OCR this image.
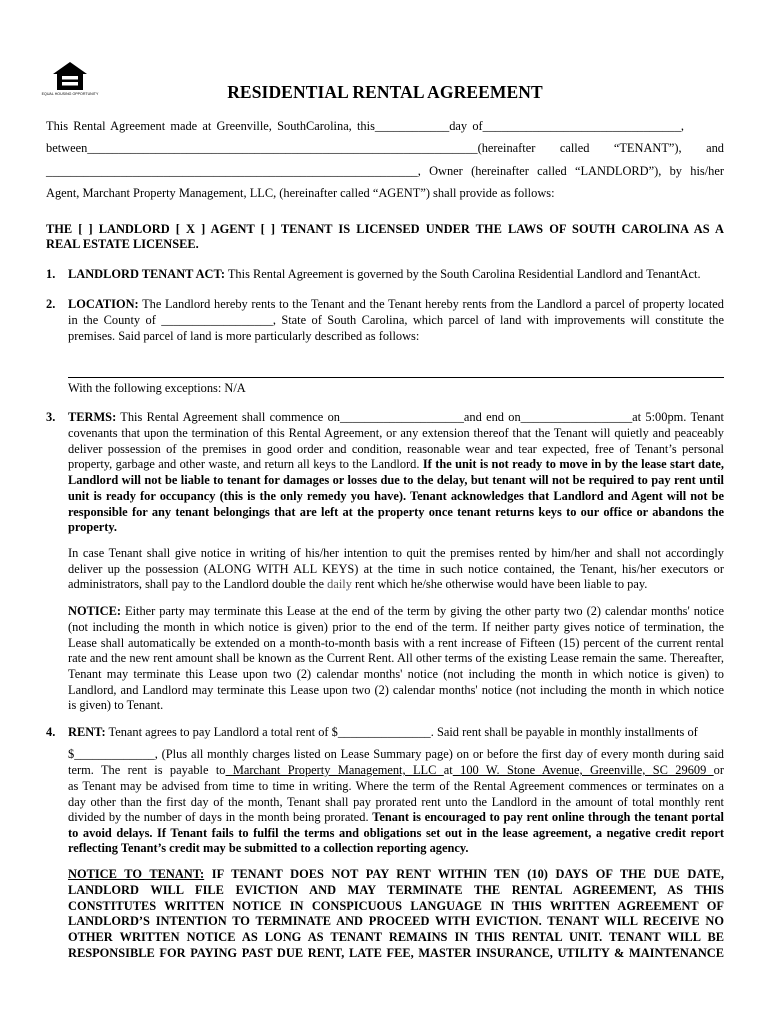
EQUAL HOUSING OPPORTUNITY	RESIDENTIAL RENTAL AGREEMENT
This Rental Agreement made at Greenville, SouthCarolina, this____________day of________________________________,
between_______________________________________________________________(hereinafter called “TENANT”), and
____________________________________________________________, Owner (hereinafter called “LANDLORD”), by his/her
Agent, Marchant Property Management, LLC, (hereinafter called “AGENT”) shall provide as follows:
THE [ ] LANDLORD [ X ] AGENT [ ] TENANT IS LICENSED UNDER THE LAWS OF SOUTH CAROLINA AS A
REAL ESTATE LICENSEE.
1. LANDLORD TENANT ACT: This Rental Agreement is governed by the South Carolina Residential Landlord and TenantAct.
2. LOCATION: The Landlord hereby rents to the Tenant and the Tenant hereby rents from the Landlord a parcel of property located
in the County of __________________, State of South Carolina, which parcel of land with improvements will constitute the
premises. Said parcel of land is more particularly described as follows:
With the following exceptions: N/A
3. TERMS: This Rental Agreement shall commence on____________________and end on__________________at 5:00pm. Tenant
covenants that upon the termination of this Rental Agreement, or any extension thereof that the Tenant will quietly and peaceably
deliver possession of the premises in good order and condition, reasonable wear and tear expected, free of Tenant’s personal
property, garbage and other waste, and return all keys to the Landlord. If the unit is not ready to move in by the lease start date,
Landlord will not be liable to tenant for damages or losses due to the delay, but tenant will not be required to pay rent until
unit is ready for occupancy (this is the only remedy you have). Tenant acknowledges that Landlord and Agent will not be
responsible for any tenant belongings that are left at the property once tenant returns keys to our office or abandons the
property.
In case Tenant shall give notice in writing of his/her intention to quit the premises rented by him/her and shall not accordingly
deliver up the possession (ALONG WITH ALL KEYS) at the time in such notice contained, the Tenant, his/her executors or
administrators, shall pay to the Landlord double the daily rent which he/she otherwise would have been liable to pay.
NOTICE: Either party may terminate this Lease at the end of the term by giving the other party two (2) calendar months' notice
(not including the month in which notice is given) prior to the end of the term. If neither party gives notice of termination, the
Lease shall automatically be extended on a month-to-month basis with a rent increase of Fifteen (15) percent of the current rental
rate and the new rent amount shall be known as the Current Rent. All other terms of the existing Lease remain the same. Thereafter,
Tenant may terminate this Lease upon two (2) calendar months' notice (not including the month in which notice is given) to
Landlord, and Landlord may terminate this Lease upon two (2) calendar months' notice (not including the month in which notice
is given) to Tenant.
4. RENT: Tenant agrees to pay Landlord a total rent of $_______________. Said rent shall be payable in monthly installments of
$_____________, (Plus all monthly charges listed on Lease Summary page) on or before the first day of every month during said
term. The rent is payable to Marchant Property Management, LLC at 100 W. Stone Avenue, Greenville, SC 29609 or
as Tenant may be advised from time to time in writing. Where the term of the Rental Agreement commences or terminates on a
day other than the first day of the month, Tenant shall pay prorated rent unto the Landlord in the amount of total monthly rent
divided by the number of days in the month being prorated. Tenant is encouraged to pay rent online through the tenant portal
to avoid delays. If Tenant fails to fulfil the terms and obligations set out in the lease agreement, a negative credit report
reflecting Tenant’s credit may be submitted to a collection reporting agency.
NOTICE TO TENANT: IF TENANT DOES NOT PAY RENT WITHIN TEN (10) DAYS OF THE DUE DATE,
LANDLORD WILL FILE EVICTION AND MAY TERMINATE THE RENTAL AGREEMENT, AS THIS
CONSTITUTES WRITTEN NOTICE IN CONSPICUOUS LANGUAGE IN THIS WRITTEN AGREEMENT OF
LANDLORD’S INTENTION TO TERMINATE AND PROCEED WITH EVICTION. TENANT WILL RECEIVE NO
OTHER WRITTEN NOTICE AS LONG AS TENANT REMAINS IN THIS RENTAL UNIT. TENANT WILL BE
RESPONSIBLE FOR PAYING PAST DUE RENT, LATE FEE, MASTER INSURANCE, UTILITY & MAINTENANCE
